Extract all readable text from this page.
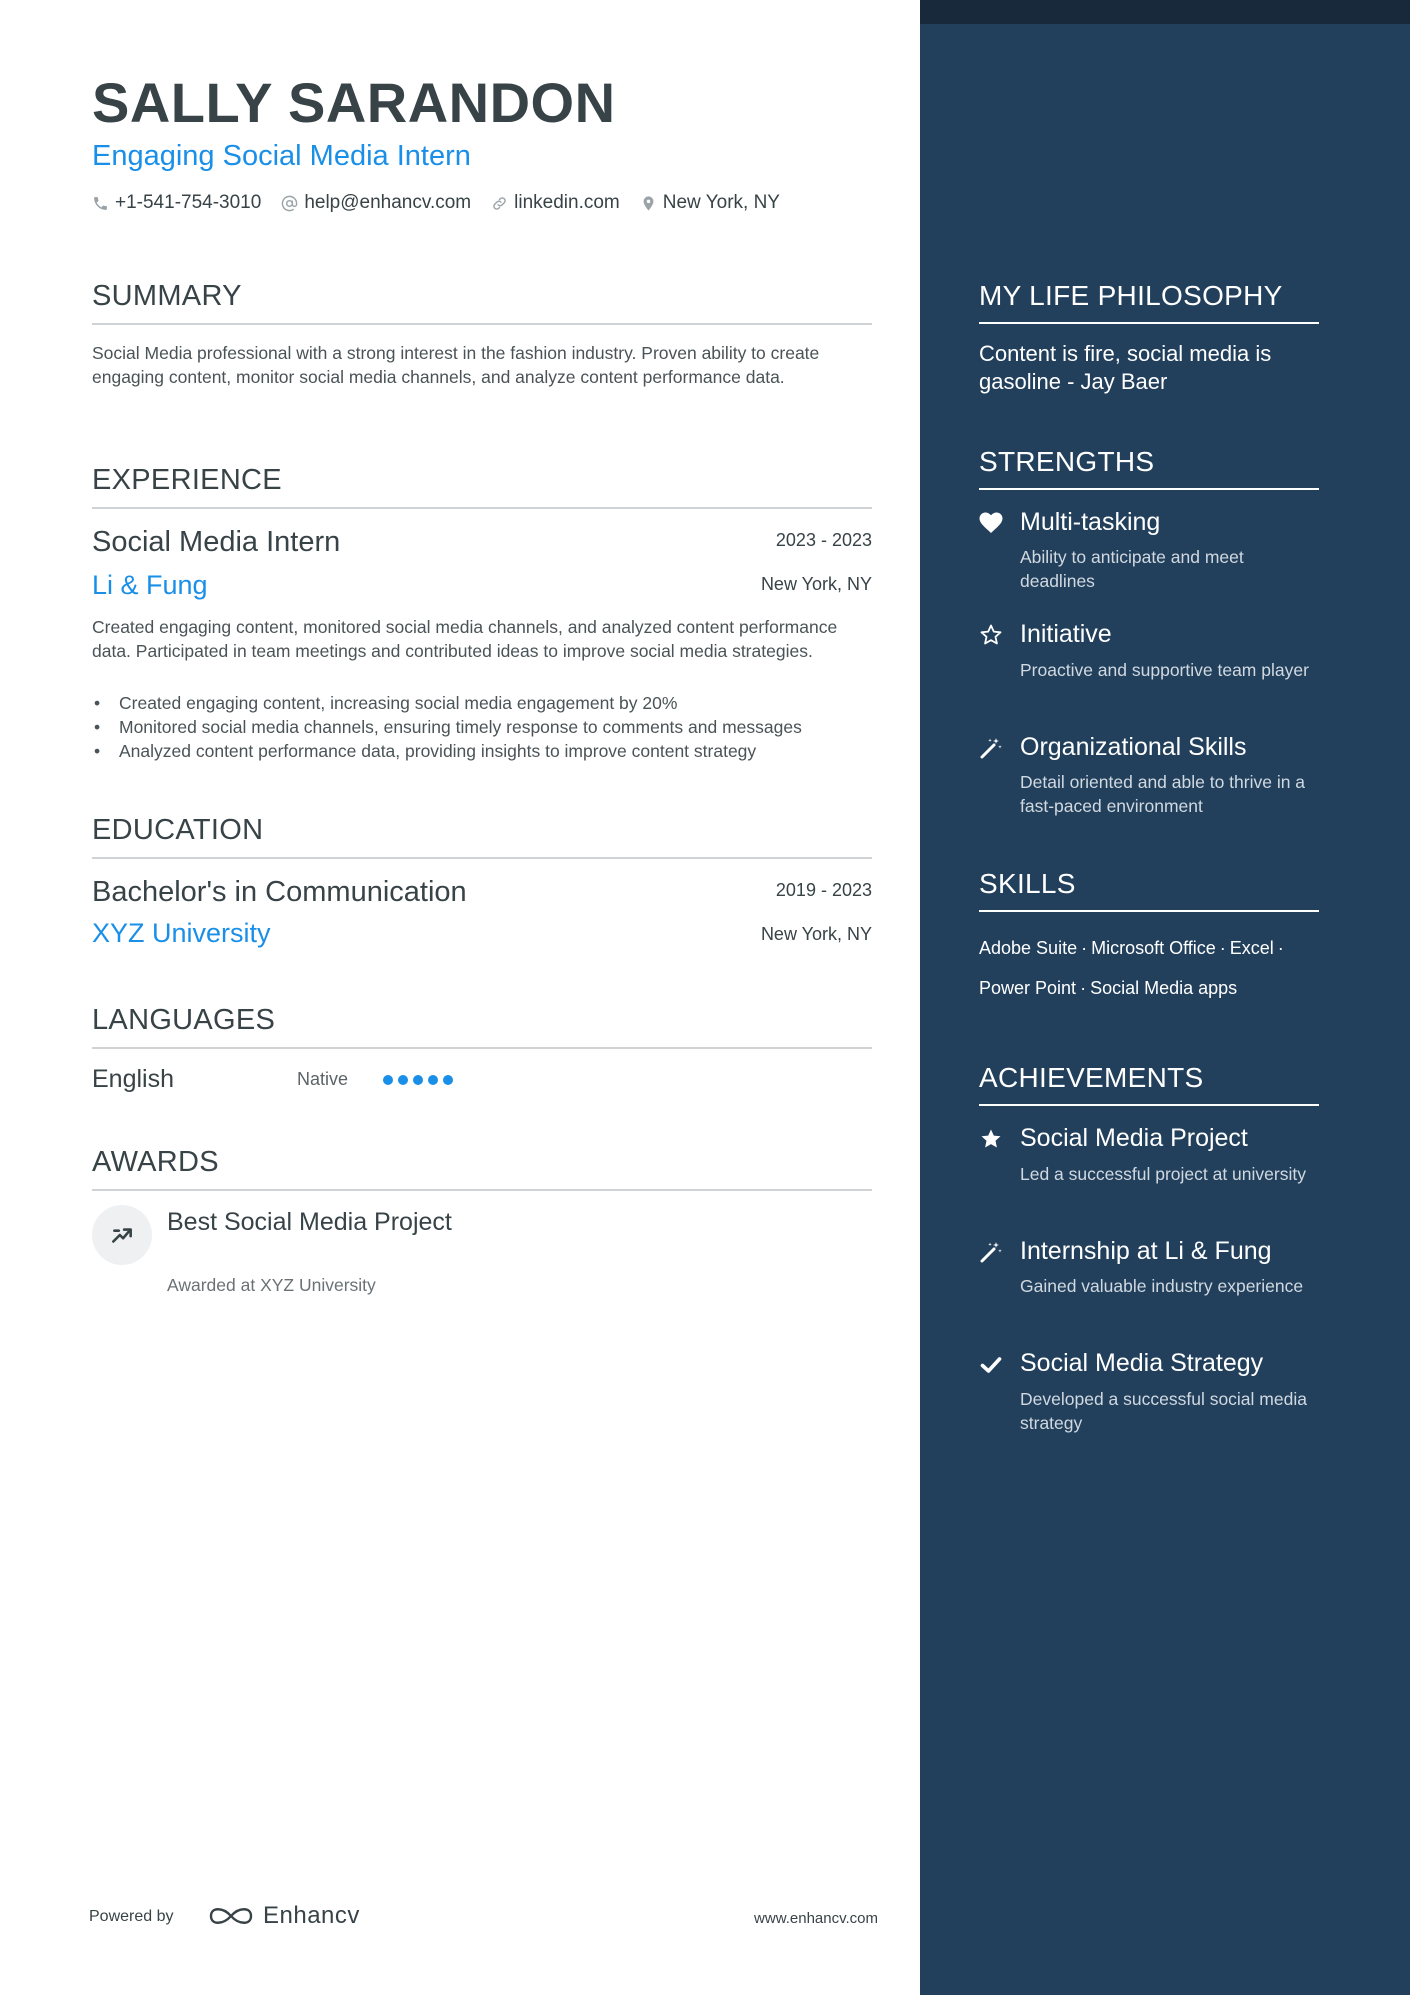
SALLY SARANDON
Engaging Social Media Intern
+1-541-754-3010 help@enhancv.com linkedin.com New York, NY
SUMMARY
Social Media professional with a strong interest in the fashion industry. Proven ability to create engaging content, monitor social media channels, and analyze content performance data.
EXPERIENCE
Social Media Intern	2023 - 2023
Li & Fung	New York, NY
Created engaging content, monitored social media channels, and analyzed content performance data. Participated in team meetings and contributed ideas to improve social media strategies.
• Created engaging content, increasing social media engagement by 20%
• Monitored social media channels, ensuring timely response to comments and messages
• Analyzed content performance data, providing insights to improve content strategy
EDUCATION
Bachelor's in Communication	2019 - 2023
XYZ University	New York, NY
LANGUAGES
English	Native
AWARDS
Best Social Media Project
Awarded at XYZ University
Powered by	Enhancv	www.enhancv.com
MY LIFE PHILOSOPHY
Content is fire, social media is gasoline - Jay Baer
STRENGTHS
Multi-tasking
Ability to anticipate and meet deadlines
Initiative
Proactive and supportive team player
Organizational Skills
Detail oriented and able to thrive in a fast-paced environment
SKILLS
Adobe Suite · Microsoft Office · Excel ·
Power Point · Social Media apps
ACHIEVEMENTS
Social Media Project
Led a successful project at university
Internship at Li & Fung
Gained valuable industry experience
Social Media Strategy
Developed a successful social media strategy
